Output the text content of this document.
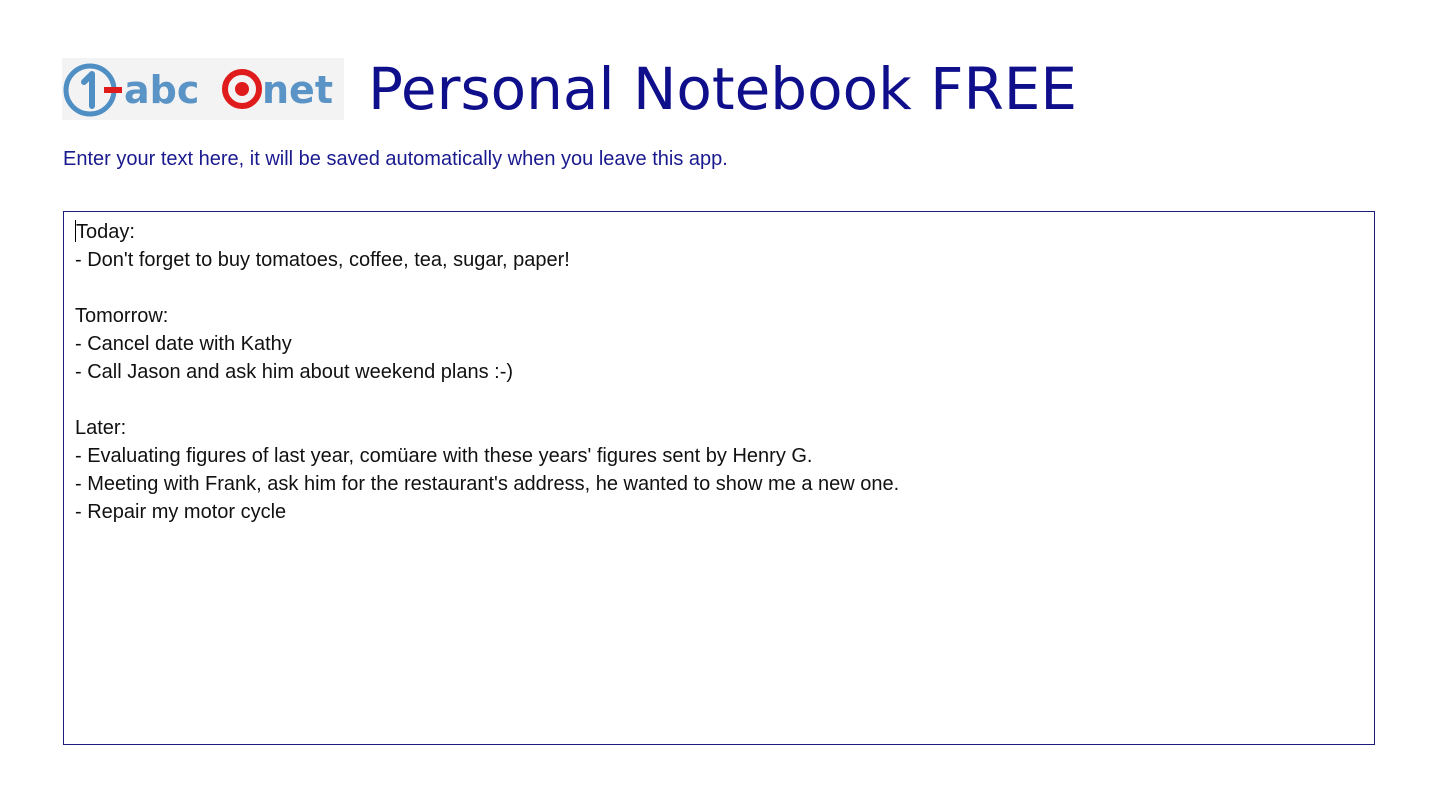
abc net Personal Notebook FREE
Enter your text here, it will be saved automatically when you leave this app.
Today:
- Don't forget to buy tomatoes, coffee, tea, sugar, paper!
Tomorrow:
- Cancel date with Kathy
- Call Jason and ask him about weekend plans :-)
Later:
- Evaluating figures of last year, comüare with these years' figures sent by Henry G.
- Meeting with Frank, ask him for the restaurant's address, he wanted to show me a new one.
- Repair my motor cycle
